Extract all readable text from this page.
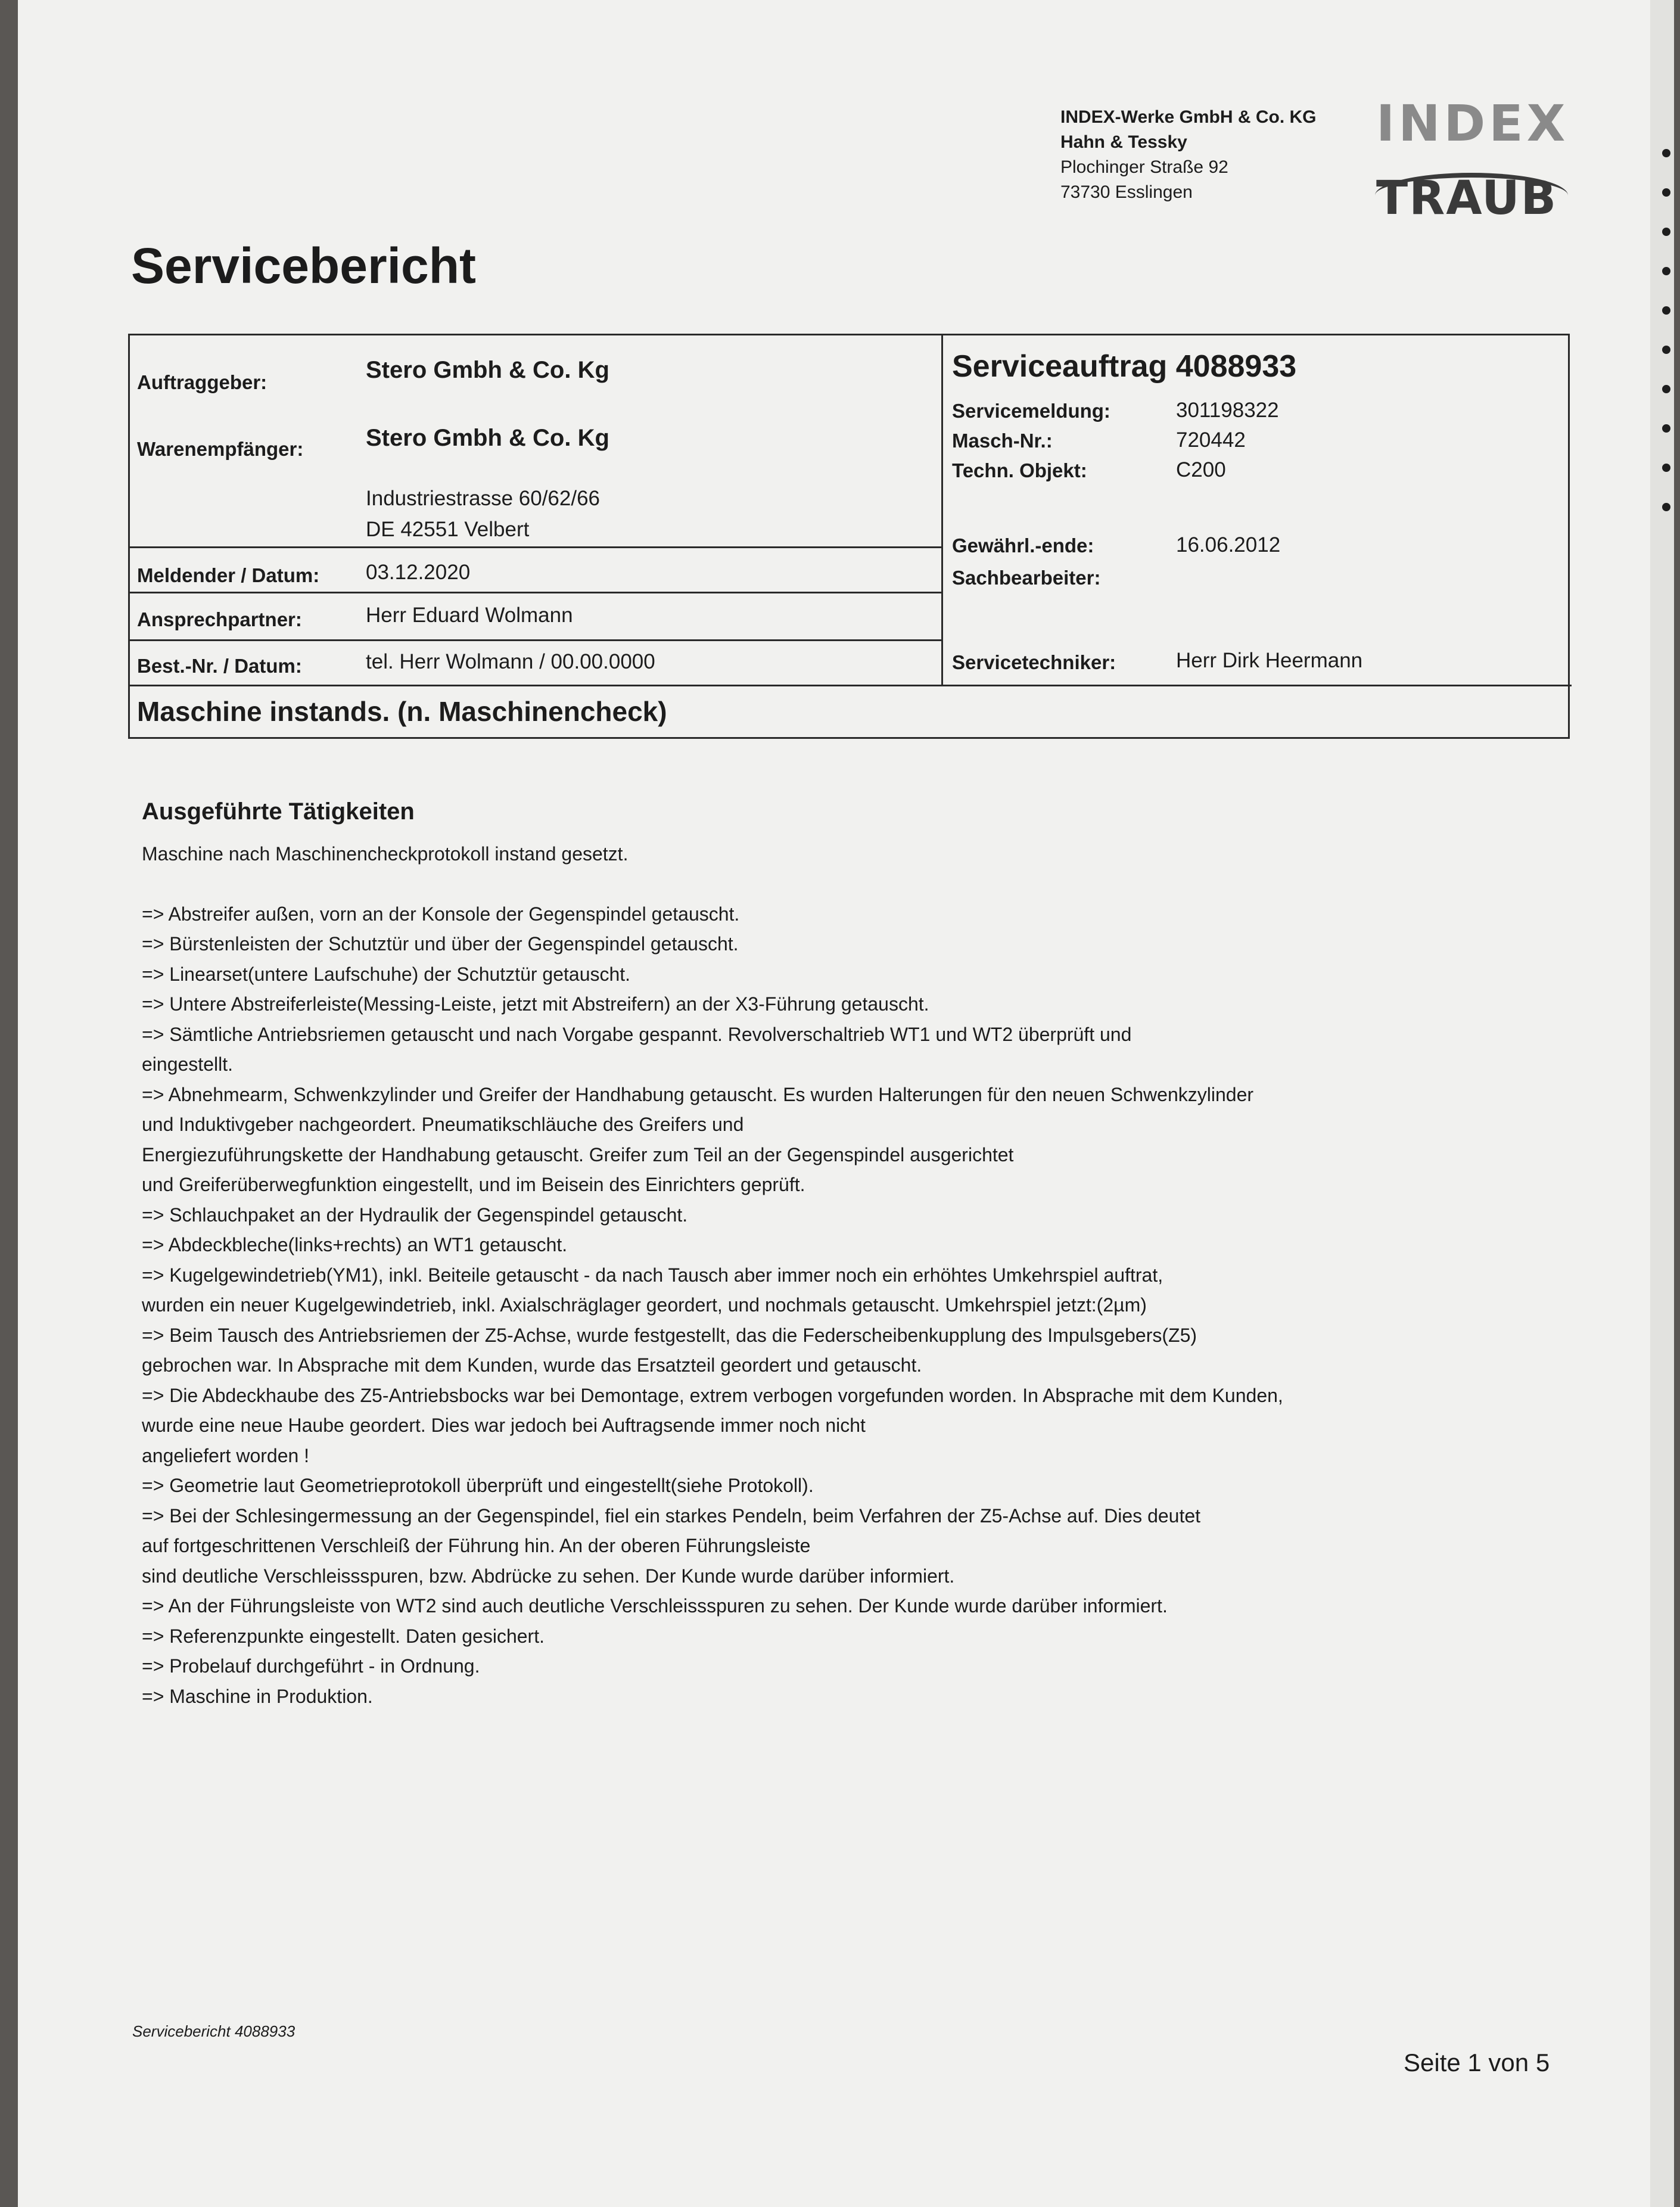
INDEX-Werke GmbH & Co. KG
Hahn & Tessky
Plochinger Straße 92
73730 Esslingen
INDEX
TRAUB
Servicebericht
Auftraggeber:	Stero Gmbh & Co. Kg
Warenempfänger:	Stero Gmbh & Co. Kg
Industriestrasse 60/62/66
DE 42551 Velbert
Meldender / Datum: 03.12.2020
Ansprechpartner:	Herr Eduard Wolmann
Best.-Nr. / Datum:	tel. Herr Wolmann / 00.00.0000
Serviceauftrag 4088933
Servicemeldung:	301198322
Masch-Nr.:	720442
Techn. Objekt:	C200
Gewährl.-ende:	16.06.2012
Sachbearbeiter:
Servicetechniker:	Herr Dirk Heermann
Maschine instands. (n. Maschinencheck)
Ausgeführte Tätigkeiten
Maschine nach Maschinencheckprotokoll instand gesetzt.
=> Abstreifer außen, vorn an der Konsole der Gegenspindel getauscht.
=> Bürstenleisten der Schutztür und über der Gegenspindel getauscht.
=> Linearset(untere Laufschuhe) der Schutztür getauscht.
=> Untere Abstreiferleiste(Messing-Leiste, jetzt mit Abstreifern) an der X3-Führung getauscht.
=> Sämtliche Antriebsriemen getauscht und nach Vorgabe gespannt. Revolverschaltrieb WT1 und WT2 überprüft und
eingestellt.
=> Abnehmearm, Schwenkzylinder und Greifer der Handhabung getauscht. Es wurden Halterungen für den neuen Schwenkzylinder
und Induktivgeber nachgeordert. Pneumatikschläuche des Greifers und
Energiezuführungskette der Handhabung getauscht. Greifer zum Teil an der Gegenspindel ausgerichtet
und Greiferüberwegfunktion eingestellt, und im Beisein des Einrichters geprüft.
=> Schlauchpaket an der Hydraulik der Gegenspindel getauscht.
=> Abdeckbleche(links+rechts) an WT1 getauscht.
=> Kugelgewindetrieb(YM1), inkl. Beiteile getauscht - da nach Tausch aber immer noch ein erhöhtes Umkehrspiel auftrat,
wurden ein neuer Kugelgewindetrieb, inkl. Axialschräglager geordert, und nochmals getauscht. Umkehrspiel jetzt:(2µm)
=> Beim Tausch des Antriebsriemen der Z5-Achse, wurde festgestellt, das die Federscheibenkupplung des Impulsgebers(Z5)
gebrochen war. In Absprache mit dem Kunden, wurde das Ersatzteil geordert und getauscht.
=> Die Abdeckhaube des Z5-Antriebsbocks war bei Demontage, extrem verbogen vorgefunden worden. In Absprache mit dem Kunden,
wurde eine neue Haube geordert. Dies war jedoch bei Auftragsende immer noch nicht
angeliefert worden !
=> Geometrie laut Geometrieprotokoll überprüft und eingestellt(siehe Protokoll).
=> Bei der Schlesingermessung an der Gegenspindel, fiel ein starkes Pendeln, beim Verfahren der Z5-Achse auf. Dies deutet
auf fortgeschrittenen Verschleiß der Führung hin. An der oberen Führungsleiste
sind deutliche Verschleissspuren, bzw. Abdrücke zu sehen. Der Kunde wurde darüber informiert.
=> An der Führungsleiste von WT2 sind auch deutliche Verschleissspuren zu sehen. Der Kunde wurde darüber informiert.
=> Referenzpunkte eingestellt. Daten gesichert.
=> Probelauf durchgeführt - in Ordnung.
=> Maschine in Produktion.
Servicebericht 4088933
Seite 1 von 5
